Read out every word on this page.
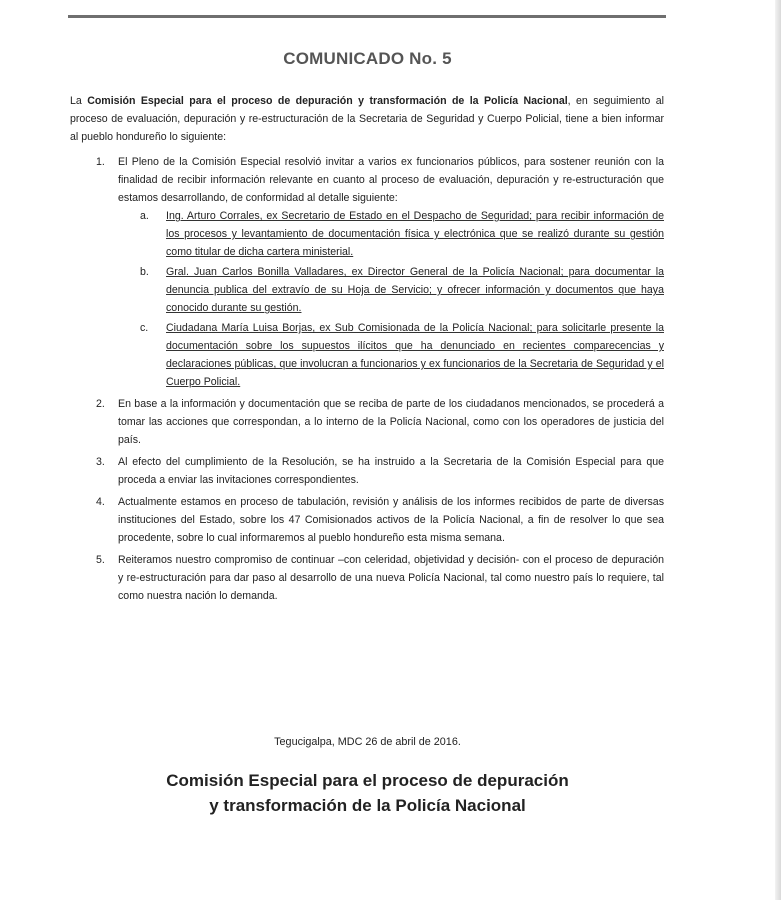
COMUNICADO No. 5

La Comisión Especial para el proceso de depuración y transformación de la Policía Nacional, en seguimiento al proceso de evaluación, depuración y re-estructuración de la Secretaria de Seguridad y Cuerpo Policial, tiene a bien informar al pueblo hondureño lo siguiente:

1. El Pleno de la Comisión Especial resolvió invitar a varios ex funcionarios públicos, para sostener reunión con la finalidad de recibir información relevante en cuanto al proceso de evaluación, depuración y re-estructuración que estamos desarrollando, de conformidad al detalle siguiente:
a. Ing. Arturo Corrales, ex Secretario de Estado en el Despacho de Seguridad; para recibir información de los procesos y levantamiento de documentación física y electrónica que se realizó durante su gestión como titular de dicha cartera ministerial.
b. Gral. Juan Carlos Bonilla Valladares, ex Director General de la Policía Nacional; para documentar la denuncia publica del extravío de su Hoja de Servicio; y ofrecer información y documentos que haya conocido durante su gestión.
c. Ciudadana María Luisa Borjas, ex Sub Comisionada de la Policía Nacional; para solicitarle presente la documentación sobre los supuestos ilícitos que ha denunciado en recientes comparecencias y declaraciones públicas, que involucran a funcionarios y ex funcionarios de la Secretaria de Seguridad y el Cuerpo Policial.
2. En base a la información y documentación que se reciba de parte de los ciudadanos mencionados, se procederá a tomar las acciones que correspondan, a lo interno de la Policía Nacional, como con los operadores de justicia del país.
3. Al efecto del cumplimiento de la Resolución, se ha instruido a la Secretaria de la Comisión Especial para que proceda a enviar las invitaciones correspondientes.
4. Actualmente estamos en proceso de tabulación, revisión y análisis de los informes recibidos de parte de diversas instituciones del Estado, sobre los 47 Comisionados activos de la Policía Nacional, a fin de resolver lo que sea procedente, sobre lo cual informaremos al pueblo hondureño esta misma semana.
5. Reiteramos nuestro compromiso de continuar –con celeridad, objetividad y decisión- con el proceso de depuración y re-estructuración para dar paso al desarrollo de una nueva Policía Nacional, tal como nuestro país lo requiere, tal como nuestra nación lo demanda.
Tegucigalpa, MDC 26 de abril de 2016.
Comisión Especial para el proceso de depuración
y transformación de la Policía Nacional
